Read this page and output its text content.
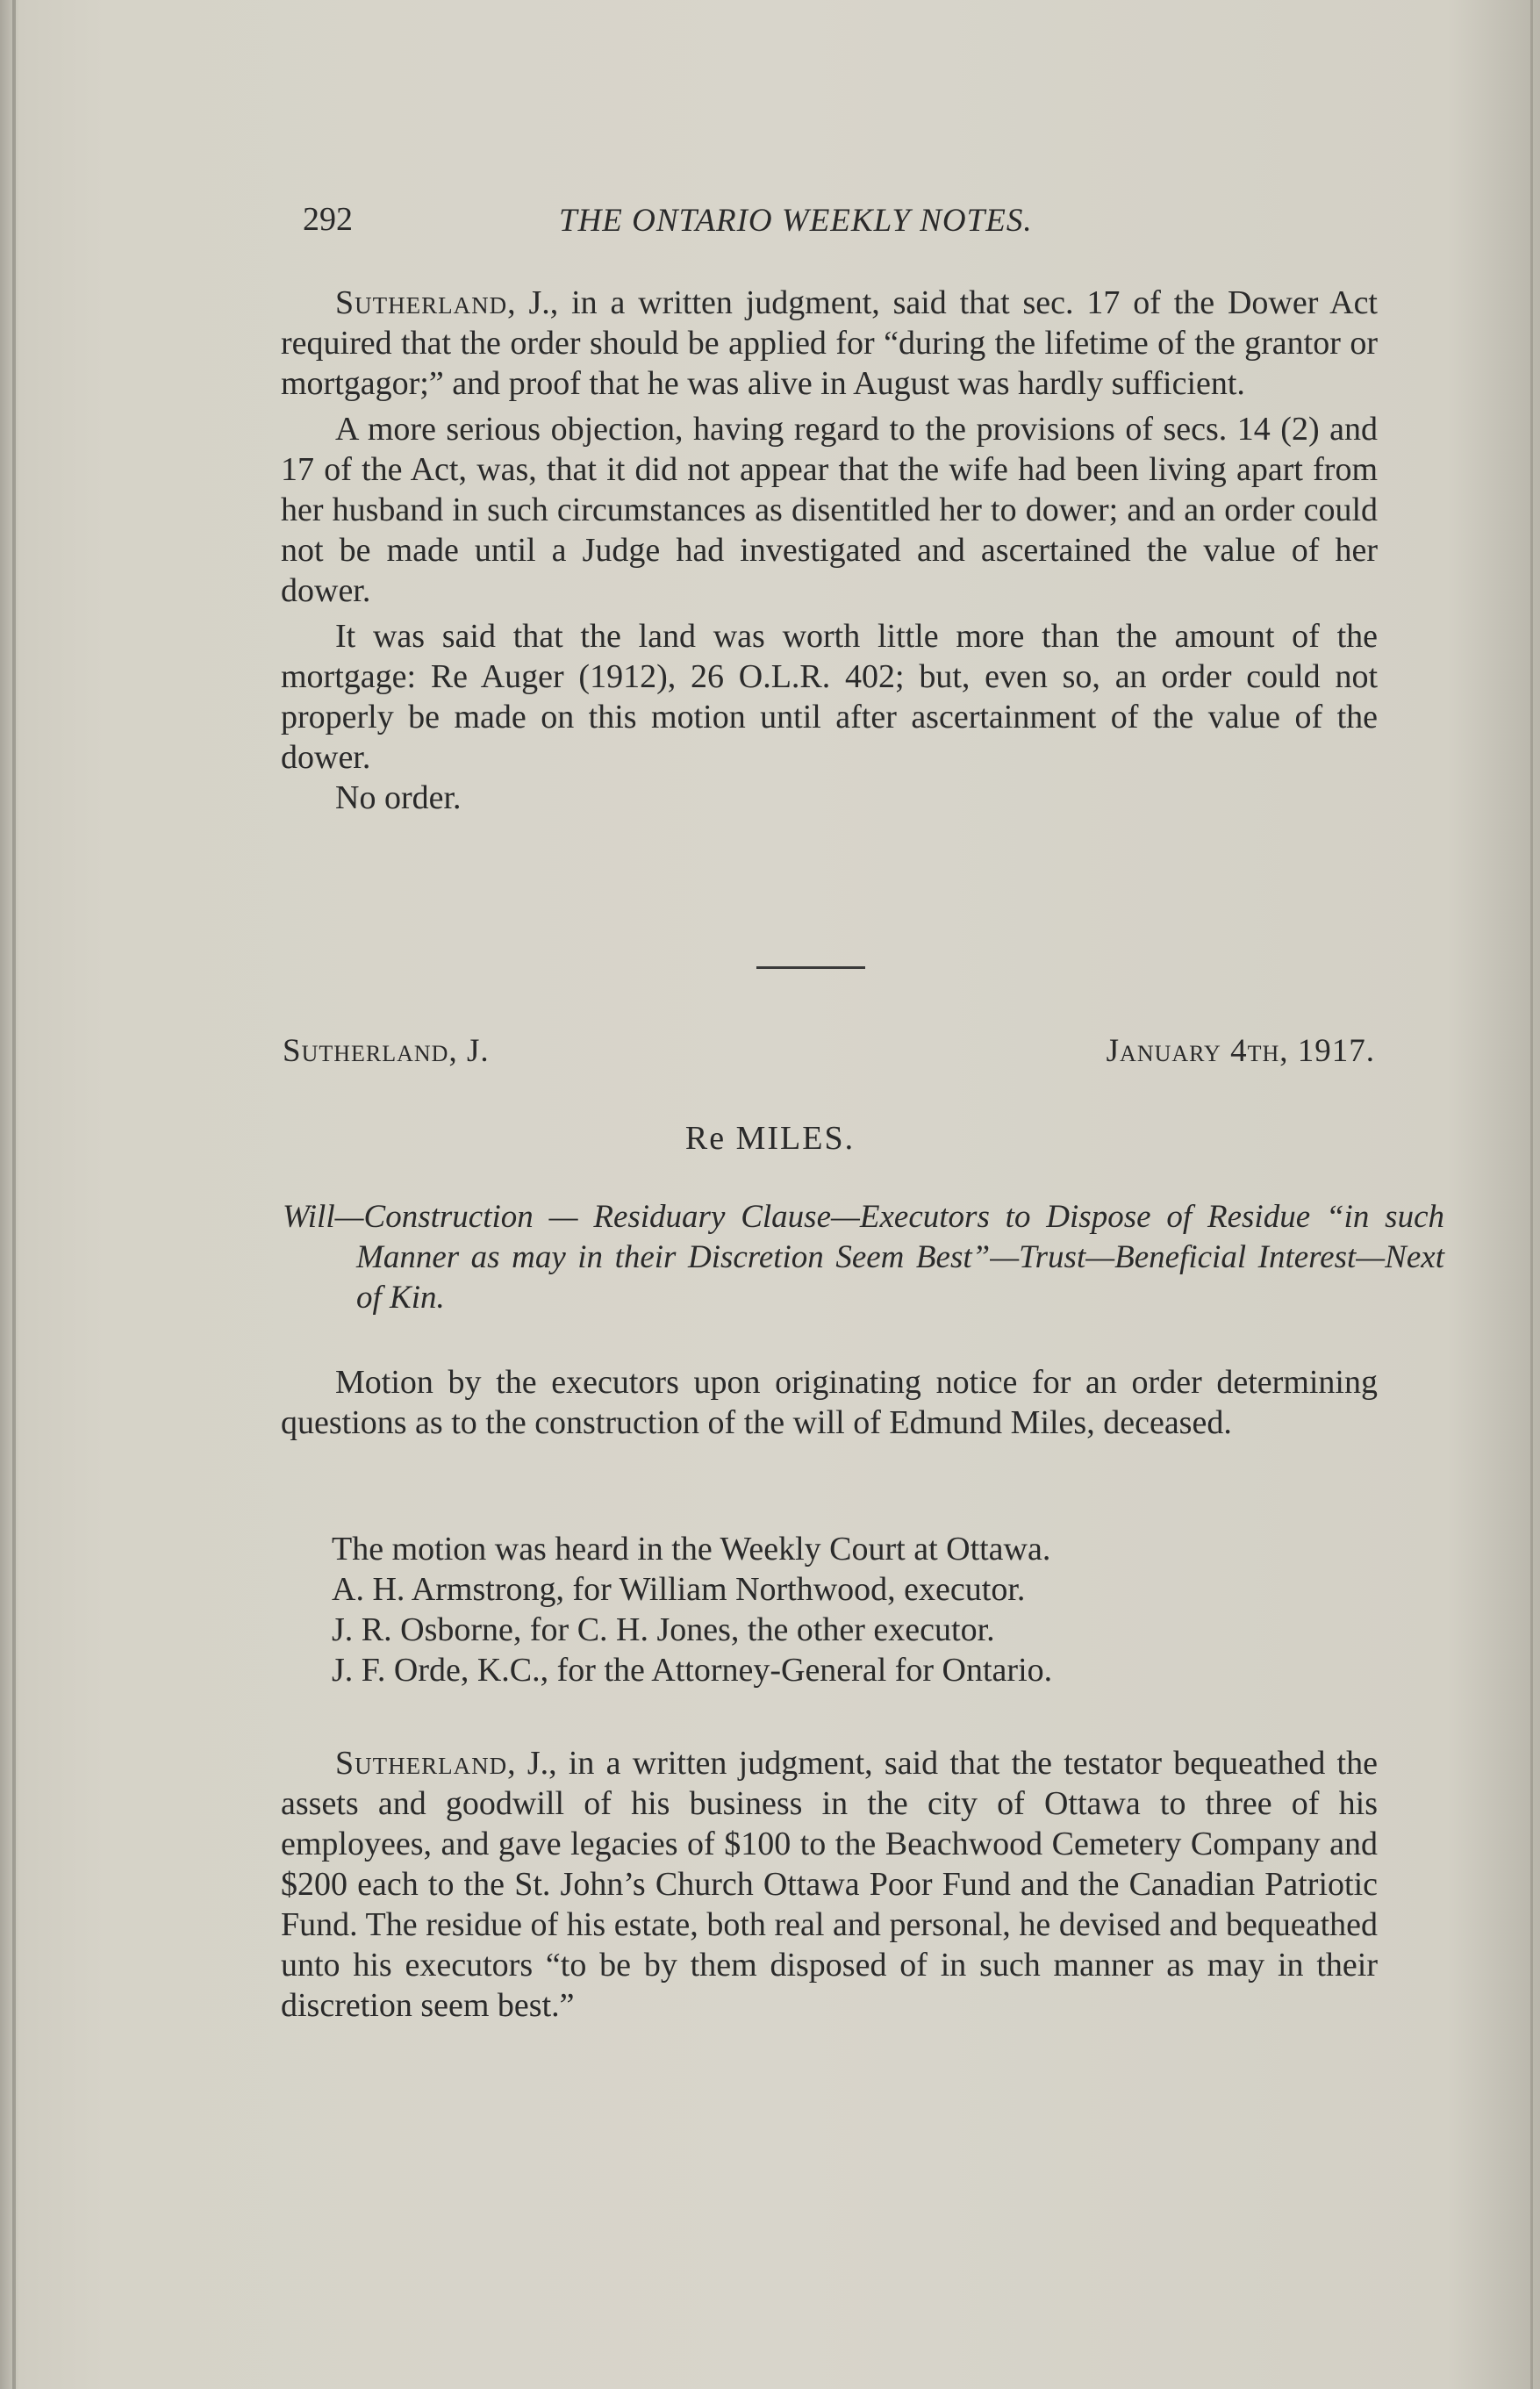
292	THE ONTARIO WEEKLY NOTES.

Sutherland, J., in a written judgment, said that sec. 17 of the Dower Act required that the order should be applied for “during the lifetime of the grantor or mortgagor;” and proof that he was alive in August was hardly sufficient.

A more serious objection, having regard to the provisions of secs. 14 (2) and 17 of the Act, was, that it did not appear that the wife had been living apart from her husband in such circumstances as disentitled her to dower; and an order could not be made until a Judge had investigated and ascertained the value of her dower.

It was said that the land was worth little more than the amount of the mortgage: Re Auger (1912), 26 O.L.R. 402; but, even so, an order could not properly be made on this motion until after ascertainment of the value of the dower.

No order.

Sutherland, J.	January 4th, 1917.
Re MILES.
Will—Construction — Residuary Clause—Executors to Dispose of Residue “in such Manner as may in their Discretion Seem Best”—Trust—Beneficial Interest—Next of Kin.

Motion by the executors upon originating notice for an order determining questions as to the construction of the will of Edmund Miles, deceased.

The motion was heard in the Weekly Court at Ottawa.
A. H. Armstrong, for William Northwood, executor.
J. R. Osborne, for C. H. Jones, the other executor.
J. F. Orde, K.C., for the Attorney-General for Ontario.

Sutherland, J., in a written judgment, said that the testator bequeathed the assets and goodwill of his business in the city of Ottawa to three of his employees, and gave legacies of $100 to the Beachwood Cemetery Company and $200 each to the St. John’s Church Ottawa Poor Fund and the Canadian Patriotic Fund. The residue of his estate, both real and personal, he devised and bequeathed unto his executors “to be by them disposed of in such manner as may in their discretion seem best.”
